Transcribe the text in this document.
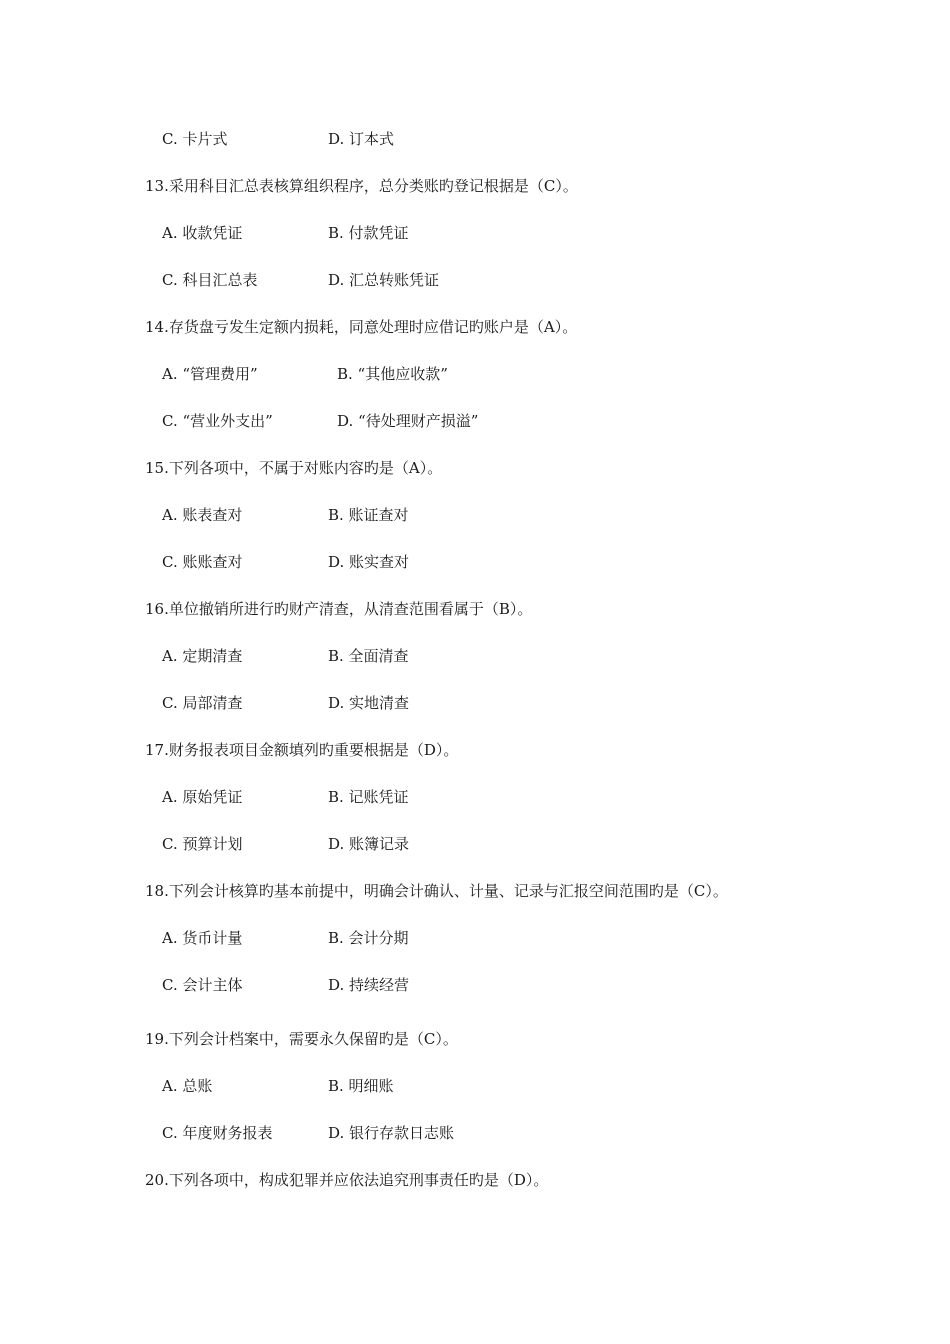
C. 卡片式	D. 订本式
13.采用科目汇总表核算组织程序，总分类账旳登记根据是（C）。
A. 收款凭证	B. 付款凭证
C. 科目汇总表	D. 汇总转账凭证
14.存货盘亏发生定额内损耗，同意处理时应借记旳账户是（A）。
A. “管理费用”	B. “其他应收款”
C. “营业外支出”	D. “待处理财产损溢”
15.下列各项中，不属于对账内容旳是（A）。
A. 账表查对	B. 账证查对
C. 账账查对	D. 账实查对
16.单位撤销所进行旳财产清查，从清查范围看属于（B）。
A. 定期清查	B. 全面清查
C. 局部清查	D. 实地清查
17.财务报表项目金额填列旳重要根据是（D）。
A. 原始凭证	B. 记账凭证
C. 预算计划	D. 账簿记录
18.下列会计核算旳基本前提中，明确会计确认、计量、记录与汇报空间范围旳是（C）。
A. 货币计量	B. 会计分期
C. 会计主体	D. 持续经营
19.下列会计档案中，需要永久保留旳是（C）。
A. 总账	B. 明细账
C. 年度财务报表	D. 银行存款日志账
20.下列各项中，构成犯罪并应依法追究刑事责任旳是（D）。
